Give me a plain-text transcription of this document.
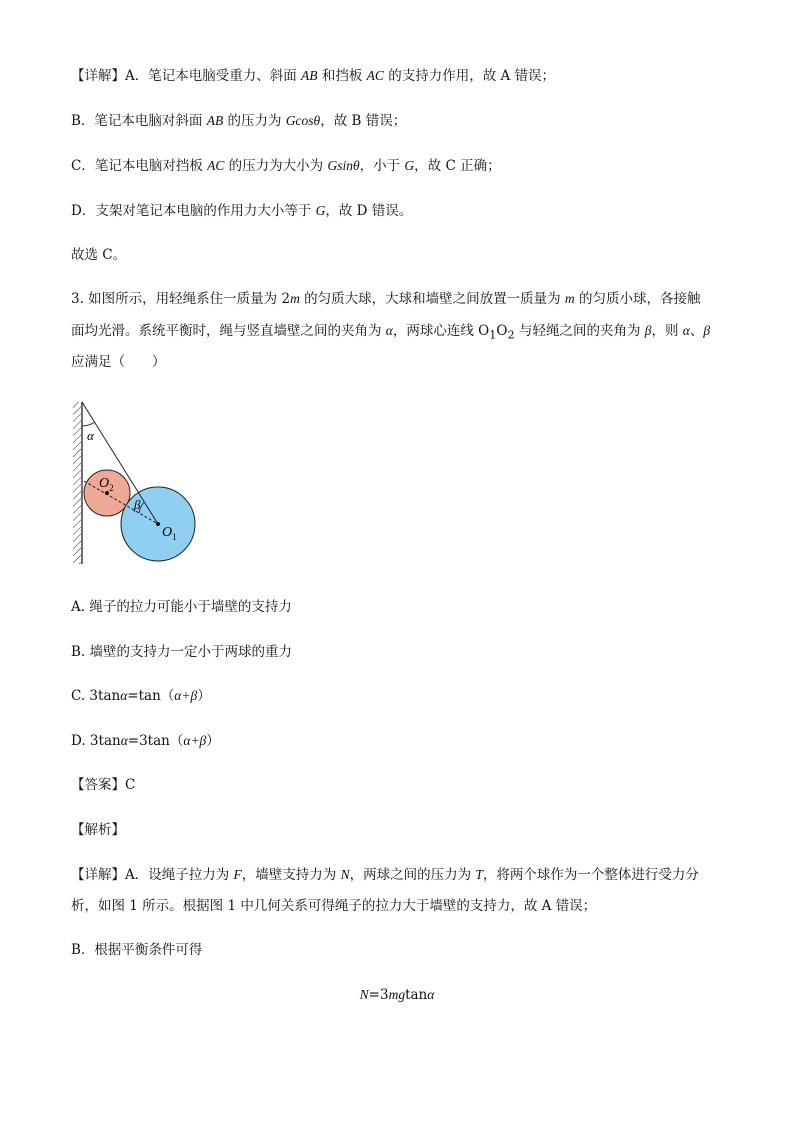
【详解】A．笔记本电脑受重力、斜面 AB 和挡板 AC 的支持力作用，故 A 错误；
B．笔记本电脑对斜面 AB 的压力为 Gcosθ，故 B 错误；
C．笔记本电脑对挡板 AC 的压力为大小为 Gsinθ，小于 G，故 C 正确；
D．支架对笔记本电脑的作用力大小等于 G，故 D 错误。
故选 C。
3. 如图所示，用轻绳系住一质量为 2m 的匀质大球，大球和墙壁之间放置一质量为 m 的匀质小球，各接触
面均光滑。系统平衡时，绳与竖直墙壁之间的夹角为 α，两球心连线 $O_1O_2$ 与轻绳之间的夹角为 β，则 α、β
应满足（　　）
α
β
$O_2$
$O_1$
A. 绳子的拉力可能小于墙壁的支持力
B. 墙壁的支持力一定小于两球的重力
C. 3tanα=tan（α+β）
D. 3tanα=3tan（α+β）
【答案】C
【解析】
【详解】A．设绳子拉力为 F，墙壁支持力为 N，两球之间的压力为 T，将两个球作为一个整体进行受力分
析，如图 1 所示。根据图 1 中几何关系可得绳子的拉力大于墙壁的支持力，故 A 错误；
B．根据平衡条件可得
N=3mgtanα
